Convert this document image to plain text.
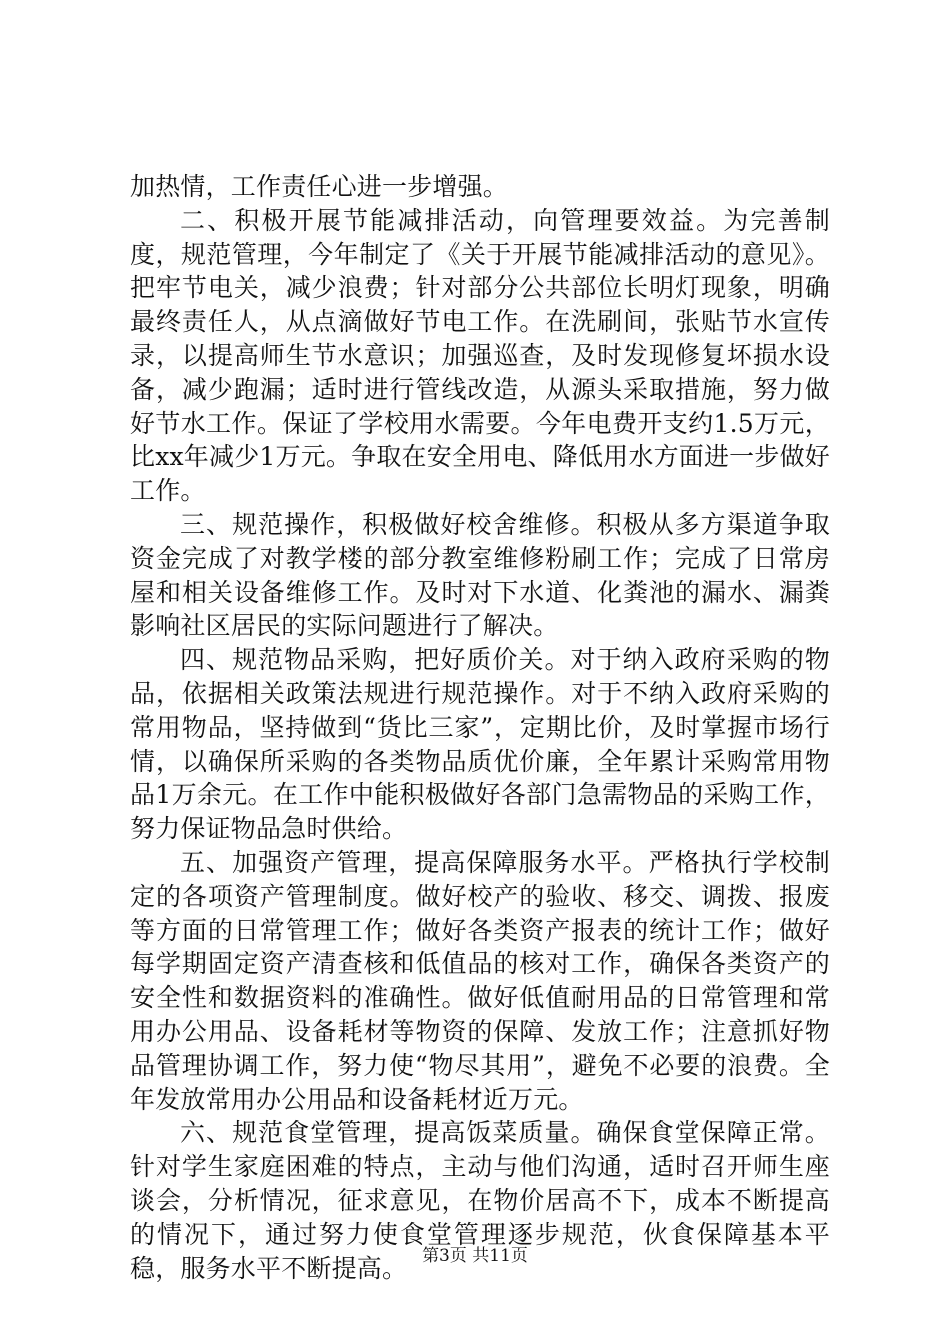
加热情，工作责任心进一步增强。

二、积极开展节能减排活动，向管理要效益。为完善制度，规范管理，今年制定了《关于开展节能减排活动的意见》。把牢节电关，减少浪费；针对部分公共部位长明灯现象，明确最终责任人，从点滴做好节电工作。在洗刷间，张贴节水宣传录，以提高师生节水意识；加强巡查，及时发现修复坏损水设备，减少跑漏；适时进行管线改造，从源头采取措施，努力做好节水工作。保证了学校用水需要。今年电费开支约1.5万元，比xx年减少1万元。争取在安全用电、降低用水方面进一步做好工作。

三、规范操作，积极做好校舍维修。积极从多方渠道争取资金完成了对教学楼的部分教室维修粉刷工作；完成了日常房屋和相关设备维修工作。及时对下水道、化粪池的漏水、漏粪影响社区居民的实际问题进行了解决。

四、规范物品采购，把好质价关。对于纳入政府采购的物品，依据相关政策法规进行规范操作。对于不纳入政府采购的常用物品，坚持做到“货比三家”，定期比价，及时掌握市场行情，以确保所采购的各类物品质优价廉，全年累计采购常用物品1万余元。在工作中能积极做好各部门急需物品的采购工作，努力保证物品急时供给。

五、加强资产管理，提高保障服务水平。严格执行学校制定的各项资产管理制度。做好校产的验收、移交、调拨、报废等方面的日常管理工作；做好各类资产报表的统计工作；做好每学期固定资产清查核和低值品的核对工作，确保各类资产的安全性和数据资料的准确性。做好低值耐用品的日常管理和常用办公用品、设备耗材等物资的保障、发放工作；注意抓好物品管理协调工作，努力使“物尽其用”，避免不必要的浪费。全年发放常用办公用品和设备耗材近万元。

六、规范食堂管理，提高饭菜质量。确保食堂保障正常。针对学生家庭困难的特点，主动与他们沟通，适时召开师生座谈会，分析情况，征求意见，在物价居高不下，成本不断提高的情况下，通过努力使食堂管理逐步规范，伙食保障基本平稳，服务水平不断提高。 第3页 共11页
